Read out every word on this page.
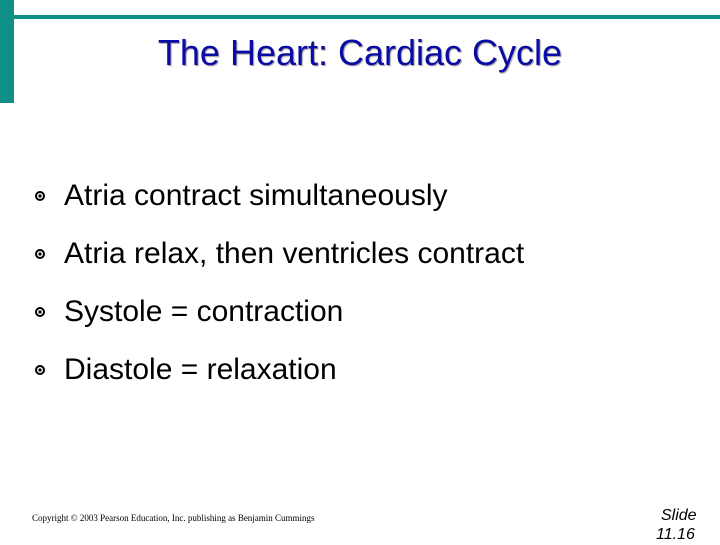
The Heart: Cardiac Cycle
Atria contract simultaneously
Atria relax, then ventricles contract
Systole = contraction
Diastole = relaxation
Copyright © 2003 Pearson Education, Inc. publishing as Benjamin Cummings	Slide
11.16
